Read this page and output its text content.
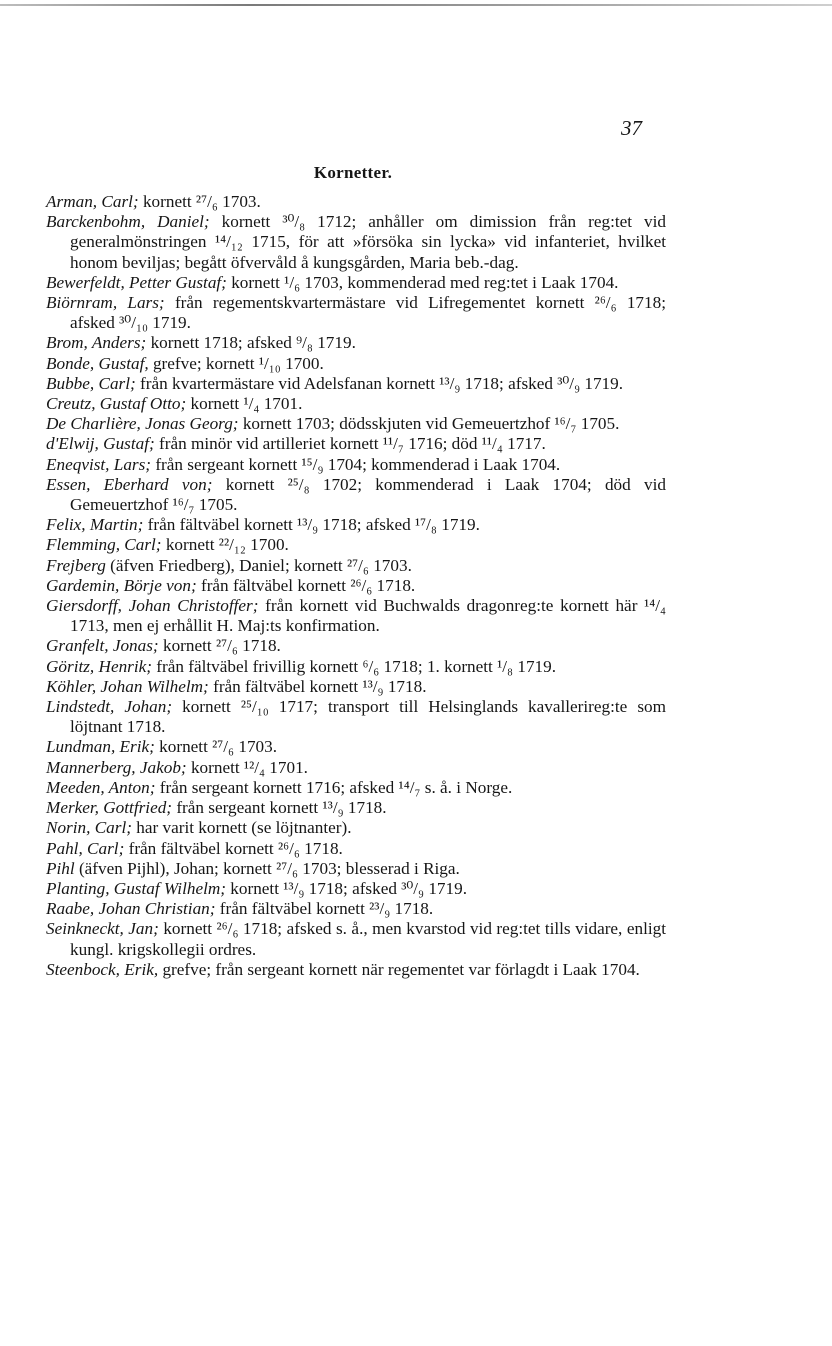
37
Kornetter.
Arman, Carl; kornett ²⁷/₆ 1703.
Barckenbohm, Daniel; kornett ³⁰/₈ 1712; anhåller om dimission från reg:tet vid generalmönstringen ¹⁴/₁₂ 1715, för att »försöka sin lycka» vid infanteriet, hvilket honom beviljas; begått öfvervåld å kungsgården, Maria beb.-dag.
Bewerfeldt, Petter Gustaf; kornett ¹/₆ 1703, kommenderad med reg:tet i Laak 1704.
Biörnram, Lars; från regementskvartermästare vid Lifregementet kornett ²⁶/₆ 1718; afsked ³⁰/₁₀ 1719.
Brom, Anders; kornett 1718; afsked ⁹/₈ 1719.
Bonde, Gustaf, grefve; kornett ¹/₁₀ 1700.
Bubbe, Carl; från kvartermästare vid Adelsfanan kornett ¹³/₉ 1718; afsked ³⁰/₉ 1719.
Creutz, Gustaf Otto; kornett ¹/₄ 1701.
De Charlière, Jonas Georg; kornett 1703; dödsskjuten vid Gemeuertzhof ¹⁶/₇ 1705.
d'Elwij, Gustaf; från minör vid artilleriet kornett ¹¹/₇ 1716; död ¹¹/₄ 1717.
Eneqvist, Lars; från sergeant kornett ¹⁵/₉ 1704; kommenderad i Laak 1704.
Essen, Eberhard von; kornett ²⁵/₈ 1702; kommenderad i Laak 1704; död vid Gemeuertzhof ¹⁶/₇ 1705.
Felix, Martin; från fältväbel kornett ¹³/₉ 1718; afsked ¹⁷/₈ 1719.
Flemming, Carl; kornett ²²/₁₂ 1700.
Frejberg (äfven Friedberg), Daniel; kornett ²⁷/₆ 1703.
Gardemin, Börje von; från fältväbel kornett ²⁶/₆ 1718.
Giersdorff, Johan Christoffer; från kornett vid Buchwalds dragonreg:te kornett här ¹⁴/₄ 1713, men ej erhållit H. Maj:ts konfirmation.
Granfelt, Jonas; kornett ²⁷/₆ 1718.
Göritz, Henrik; från fältväbel frivillig kornett ⁶/₆ 1718; 1. kornett ¹/₈ 1719.
Köhler, Johan Wilhelm; från fältväbel kornett ¹³/₉ 1718.
Lindstedt, Johan; kornett ²⁵/₁₀ 1717; transport till Helsinglands kavallerireg:te som löjtnant 1718.
Lundman, Erik; kornett ²⁷/₆ 1703.
Mannerberg, Jakob; kornett ¹²/₄ 1701.
Meeden, Anton; från sergeant kornett 1716; afsked ¹⁴/₇ s. å. i Norge.
Merker, Gottfried; från sergeant kornett ¹³/₉ 1718.
Norin, Carl; har varit kornett (se löjtnanter).
Pahl, Carl; från fältväbel kornett ²⁶/₆ 1718.
Pihl (äfven Pijhl), Johan; kornett ²⁷/₆ 1703; blesserad i Riga.
Planting, Gustaf Wilhelm; kornett ¹³/₉ 1718; afsked ³⁰/₉ 1719.
Raabe, Johan Christian; från fältväbel kornett ²³/₉ 1718.
Seinkneckt, Jan; kornett ²⁶/₆ 1718; afsked s. å., men kvarstod vid reg:tet tills vidare, enligt kungl. krigskollegii ordres.
Steenbock, Erik, grefve; från sergeant kornett när regementet var förlagdt i Laak 1704.
